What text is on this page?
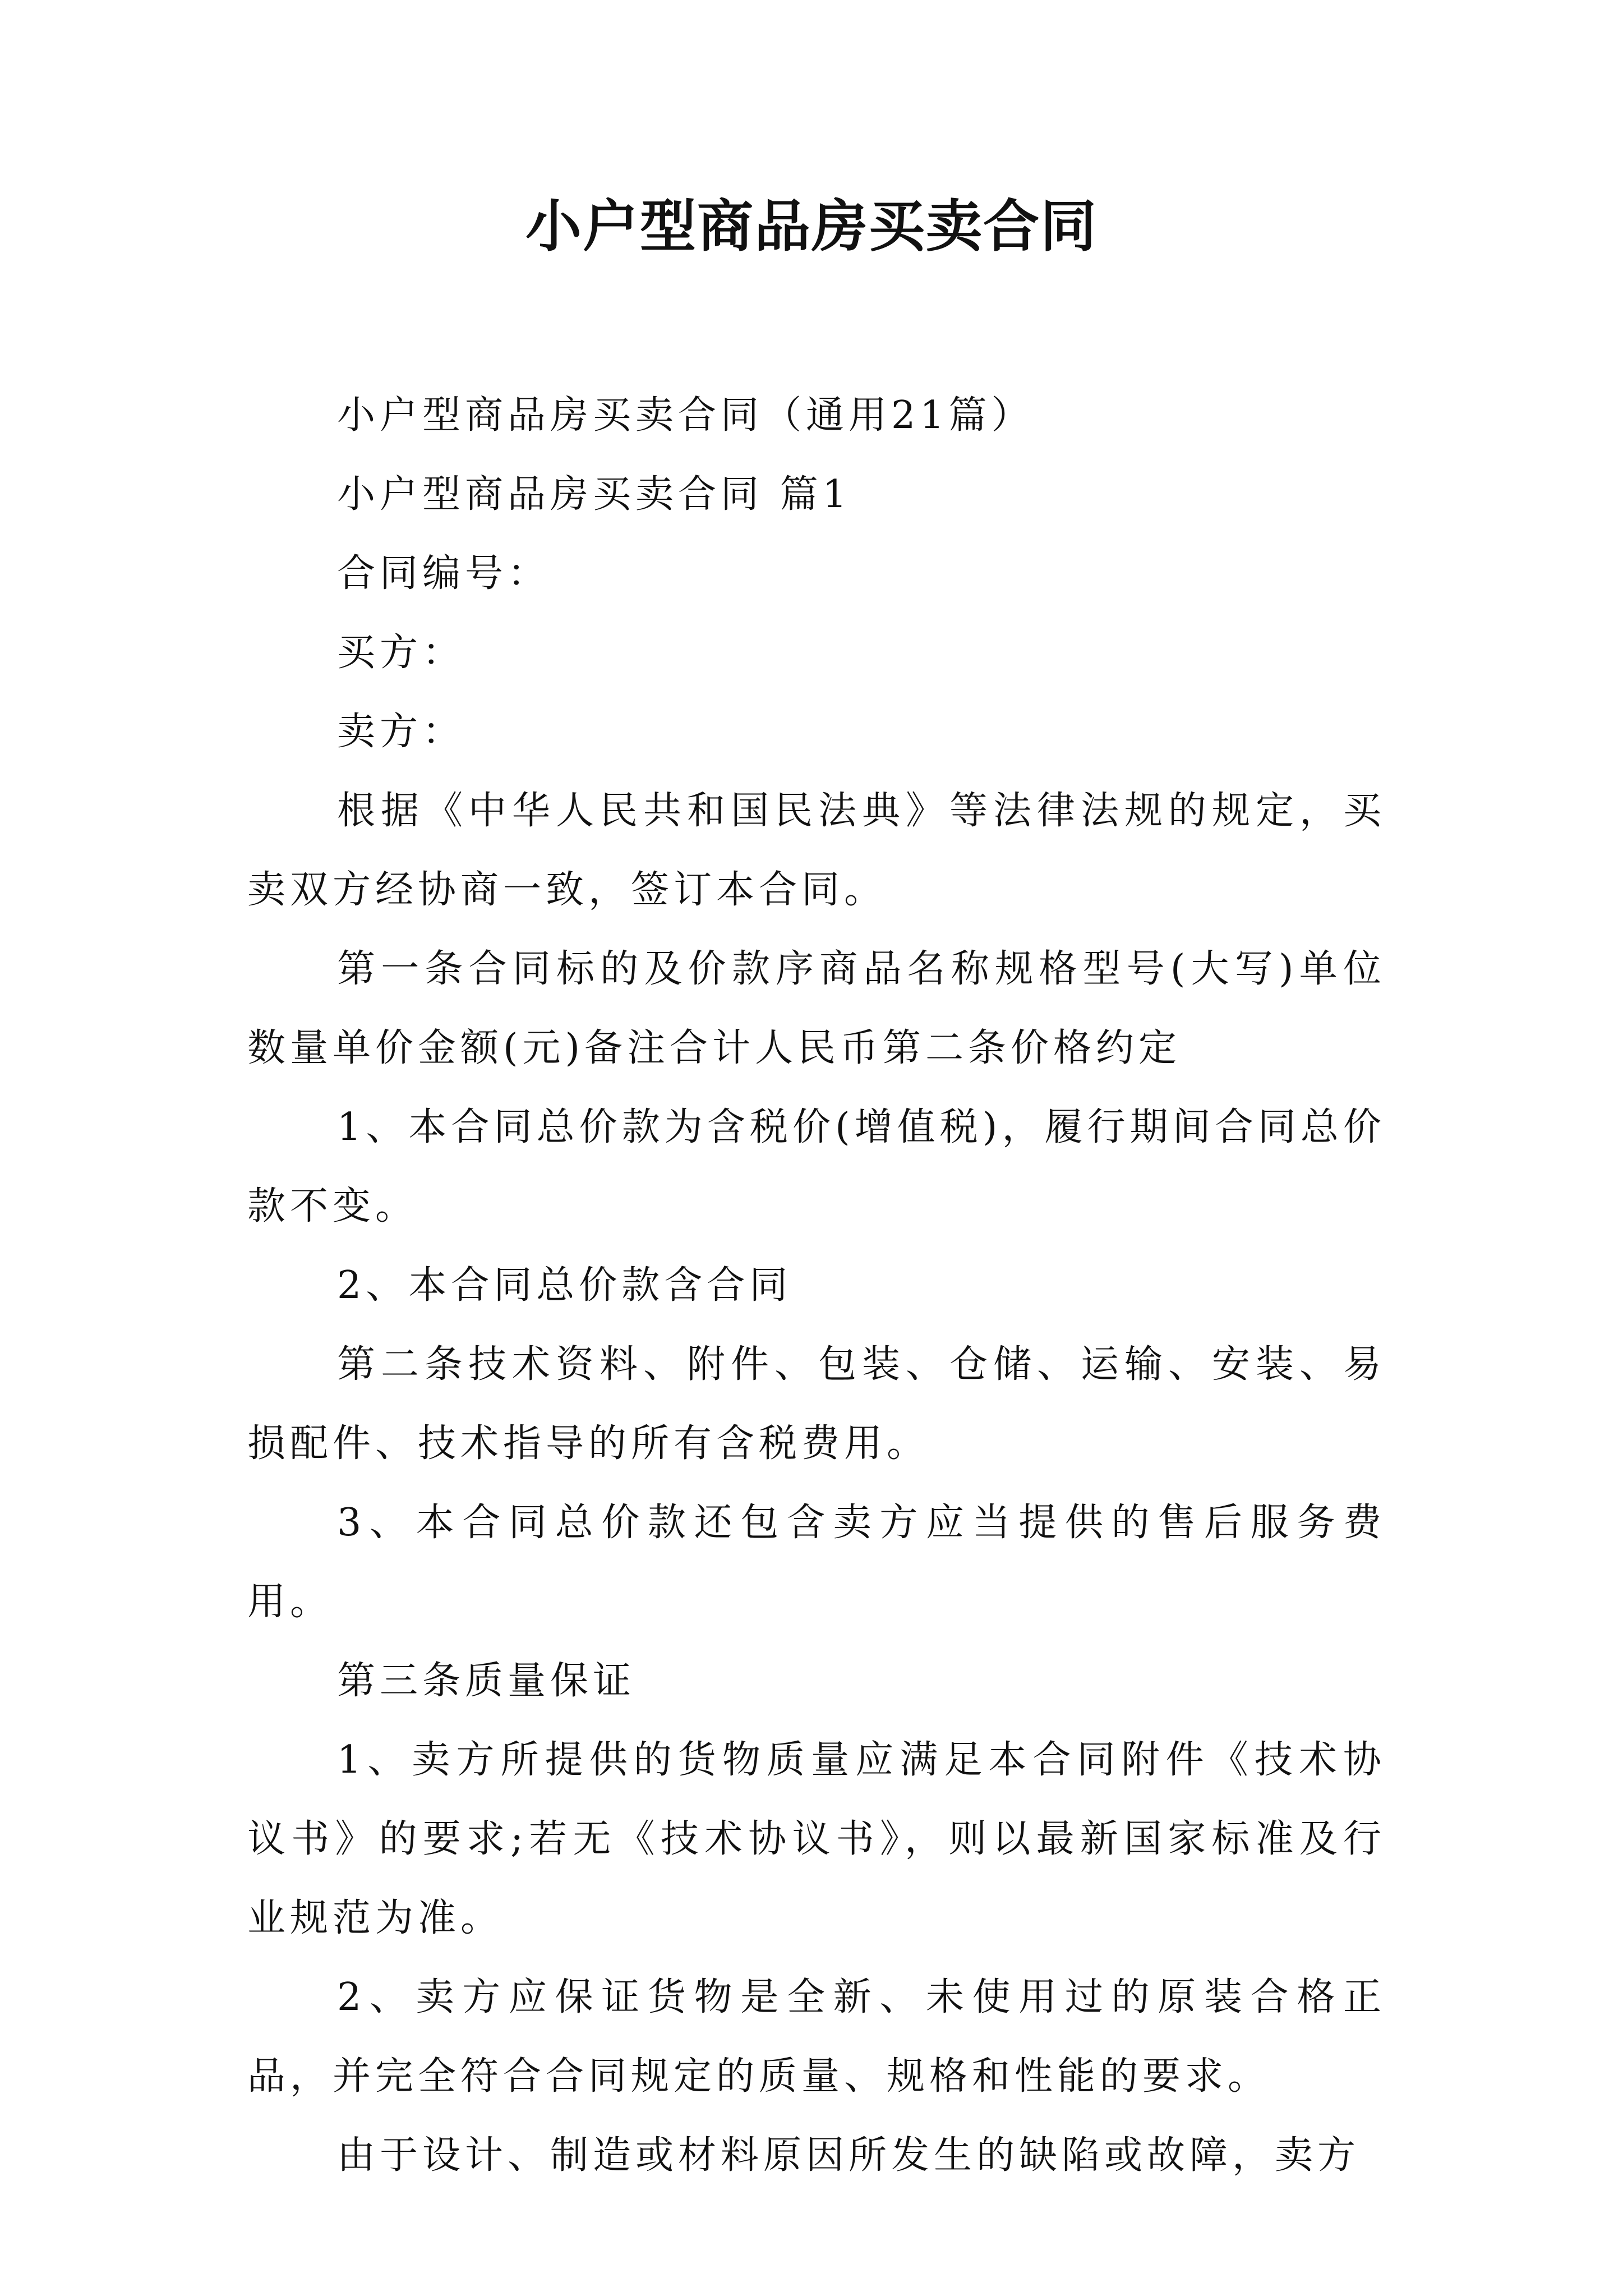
小户型商品房买卖合同

小户型商品房买卖合同（通用21篇）

小户型商品房买卖合同 篇1

合同编号：

买方：

卖方：

根据《中华人民共和国民法典》等法律法规的规定，买卖双方经协商一致，签订本合同。

第一条合同标的及价款序商品名称规格型号(大写)单位数量单价金额(元)备注合计人民币第二条价格约定

1、本合同总价款为含税价(增值税)，履行期间合同总价款不变。

2、本合同总价款含合同

第二条技术资料、附件、包装、仓储、运输、安装、易损配件、技术指导的所有含税费用。

3、本合同总价款还包含卖方应当提供的售后服务费用。

第三条质量保证

1、卖方所提供的货物质量应满足本合同附件《技术协议书》的要求;若无《技术协议书》，则以最新国家标准及行业规范为准。

2、卖方应保证货物是全新、未使用过的原装合格正品，并完全符合合同规定的质量、规格和性能的要求。

由于设计、制造或材料原因所发生的缺陷或故障，卖方
